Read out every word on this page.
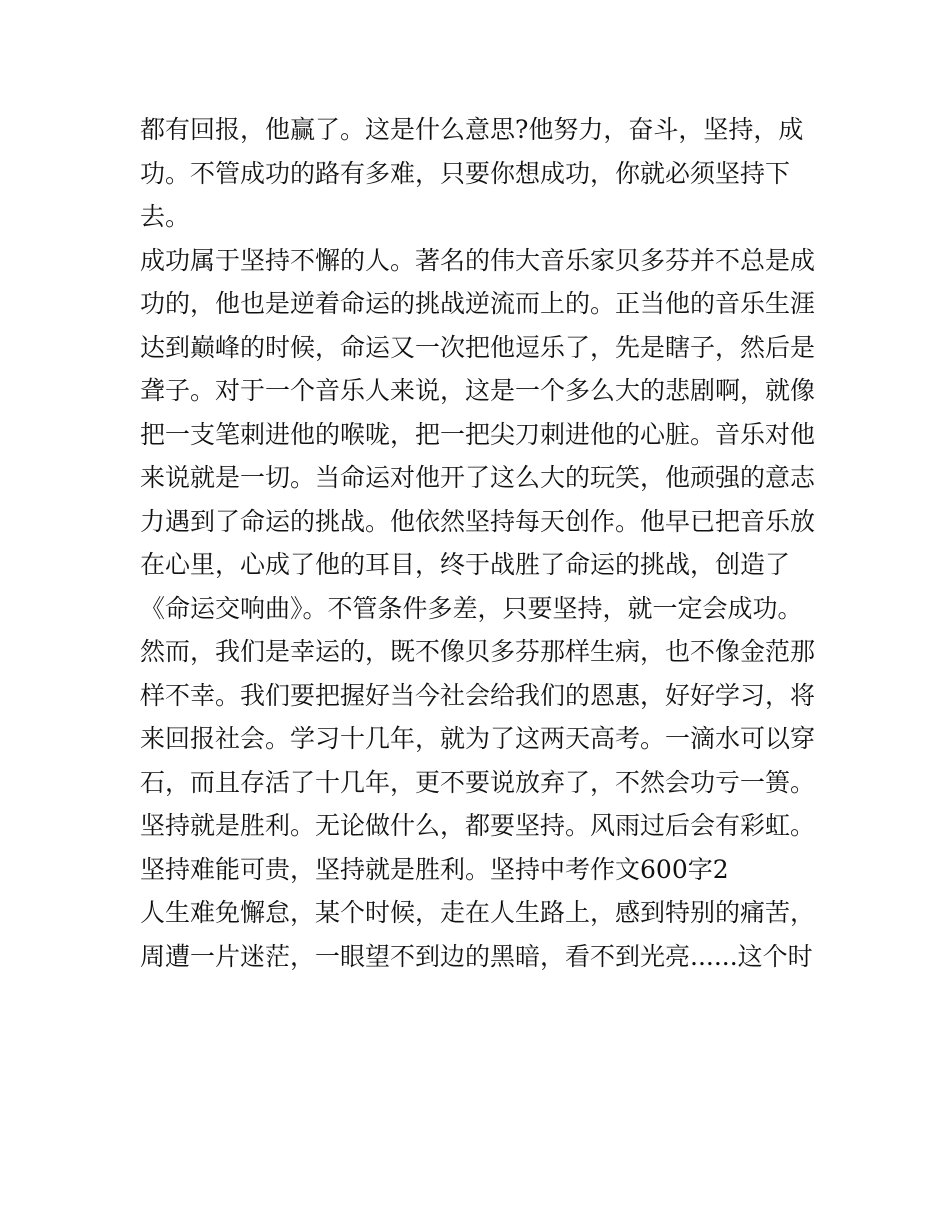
都有回报，他赢了。这是什么意思?他努力，奋斗，坚持，成
功。不管成功的路有多难，只要你想成功，你就必须坚持下
去。
成功属于坚持不懈的人。著名的伟大音乐家贝多芬并不总是成
功的，他也是逆着命运的挑战逆流而上的。正当他的音乐生涯
达到巅峰的时候，命运又一次把他逗乐了，先是瞎子，然后是
聋子。对于一个音乐人来说，这是一个多么大的悲剧啊，就像
把一支笔刺进他的喉咙，把一把尖刀刺进他的心脏。音乐对他
来说就是一切。当命运对他开了这么大的玩笑，他顽强的意志
力遇到了命运的挑战。他依然坚持每天创作。他早已把音乐放
在心里，心成了他的耳目，终于战胜了命运的挑战，创造了
《命运交响曲》。不管条件多差，只要坚持，就一定会成功。
然而，我们是幸运的，既不像贝多芬那样生病，也不像金范那
样不幸。我们要把握好当今社会给我们的恩惠，好好学习，将
来回报社会。学习十几年，就为了这两天高考。一滴水可以穿
石，而且存活了十几年，更不要说放弃了，不然会功亏一篑。
坚持就是胜利。无论做什么，都要坚持。风雨过后会有彩虹。
坚持难能可贵，坚持就是胜利。坚持中考作文600字2
人生难免懈怠，某个时候，走在人生路上，感到特别的痛苦，
周遭一片迷茫，一眼望不到边的黑暗，看不到光亮......这个时
